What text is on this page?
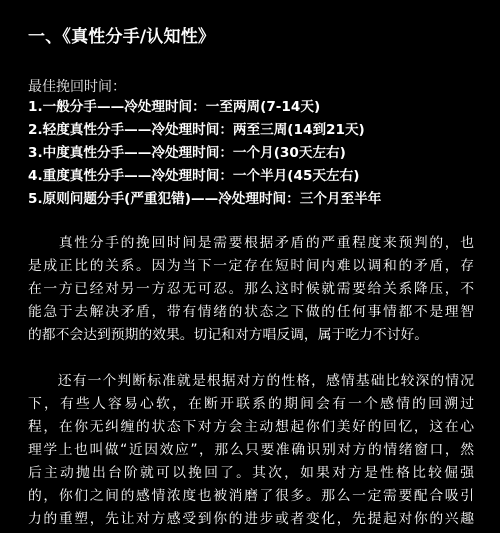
一、《真性分手/认知性》
最佳挽回时间：
1.一般分手——冷处理时间：一至两周(7-14天)
2.轻度真性分手——冷处理时间：两至三周(14到21天)
3.中度真性分手——冷处理时间：一个月(30天左右)
4.重度真性分手——冷处理时间：一个半月(45天左右)
5.原则问题分手(严重犯错)——冷处理时间：三个月至半年
　　真性分手的挽回时间是需要根据矛盾的严重程度来预判的，也
是成正比的关系。因为当下一定存在短时间内难以调和的矛盾，存
在一方已经对另一方忍无可忍。那么这时候就需要给关系降压，不
能急于去解决矛盾，带有情绪的状态之下做的任何事情都不是理智
的都不会达到预期的效果。切记和对方唱反调，属于吃力不讨好。
　　还有一个判断标准就是根据对方的性格，感情基础比较深的情况
下，有些人容易心软，在断开联系的期间会有一个感情的回溯过
程，在你无纠缠的状态下对方会主动想起你们美好的回忆，这在心
理学上也叫做“近因效应”，那么只要准确识别对方的情绪窗口，然
后主动抛出台阶就可以挽回了。其次，如果对方是性格比较倔强
的，你们之间的感情浓度也被消磨了很多。那么一定需要配合吸引
力的重塑，先让对方感受到你的进步或者变化，先提起对你的兴趣
